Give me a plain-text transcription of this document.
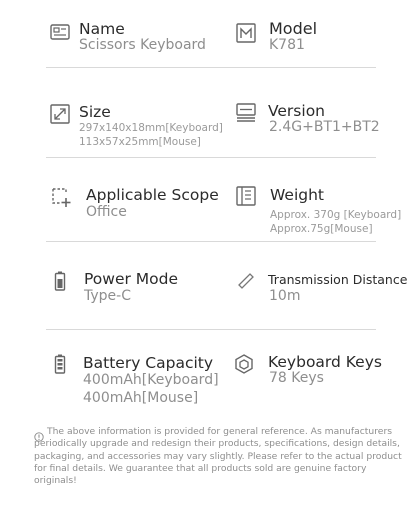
Name
Scissors Keyboard
Model
K781
Size
297x140x18mm[Keyboard]
113x57x25mm[Mouse]
Version
2.4G+BT1+BT2
Applicable Scope
Office
Weight
Approx. 370g [Keyboard]
Approx.75g[Mouse]
Power Mode
Type-C
Transmission Distance
10m
Battery Capacity
400mAh[Keyboard]
400mAh[Mouse]
Keyboard Keys
78 Keys
The above information is provided for general reference. As manufacturers periodically upgrade and redesign their products, specifications, design details, packaging, and accessories may vary slightly. Please refer to the actual product for final details. We guarantee that all products sold are genuine factory originals!
